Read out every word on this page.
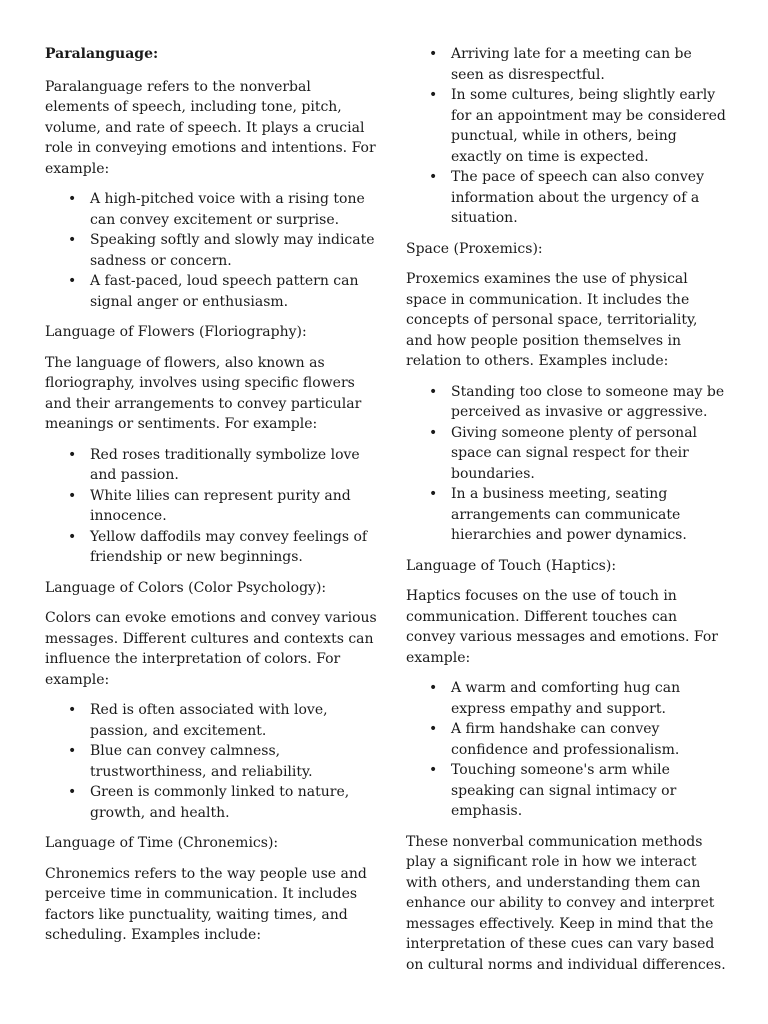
Paralanguage:

Paralanguage refers to the nonverbal elements of speech, including tone, pitch, volume, and rate of speech. It plays a crucial role in conveying emotions and intentions. For example:

• A high-pitched voice with a rising tone can convey excitement or surprise.
• Speaking softly and slowly may indicate sadness or concern.
• A fast-paced, loud speech pattern can signal anger or enthusiasm.

Language of Flowers (Floriography):

The language of flowers, also known as floriography, involves using specific flowers and their arrangements to convey particular meanings or sentiments. For example:

• Red roses traditionally symbolize love and passion.
• White lilies can represent purity and innocence.
• Yellow daffodils may convey feelings of friendship or new beginnings.

Language of Colors (Color Psychology):

Colors can evoke emotions and convey various messages. Different cultures and contexts can influence the interpretation of colors. For example:

• Red is often associated with love, passion, and excitement.
• Blue can convey calmness, trustworthiness, and reliability.
• Green is commonly linked to nature, growth, and health.

Language of Time (Chronemics):

Chronemics refers to the way people use and perceive time in communication. It includes factors like punctuality, waiting times, and scheduling. Examples include:

• Arriving late for a meeting can be seen as disrespectful.
• In some cultures, being slightly early for an appointment may be considered punctual, while in others, being exactly on time is expected.
• The pace of speech can also convey information about the urgency of a situation.

Space (Proxemics):

Proxemics examines the use of physical space in communication. It includes the concepts of personal space, territoriality, and how people position themselves in relation to others. Examples include:

• Standing too close to someone may be perceived as invasive or aggressive.
• Giving someone plenty of personal space can signal respect for their boundaries.
• In a business meeting, seating arrangements can communicate hierarchies and power dynamics.

Language of Touch (Haptics):

Haptics focuses on the use of touch in communication. Different touches can convey various messages and emotions. For example:

• A warm and comforting hug can express empathy and support.
• A firm handshake can convey confidence and professionalism.
• Touching someone's arm while speaking can signal intimacy or emphasis.

These nonverbal communication methods play a significant role in how we interact with others, and understanding them can enhance our ability to convey and interpret messages effectively. Keep in mind that the interpretation of these cues can vary based on cultural norms and individual differences.
